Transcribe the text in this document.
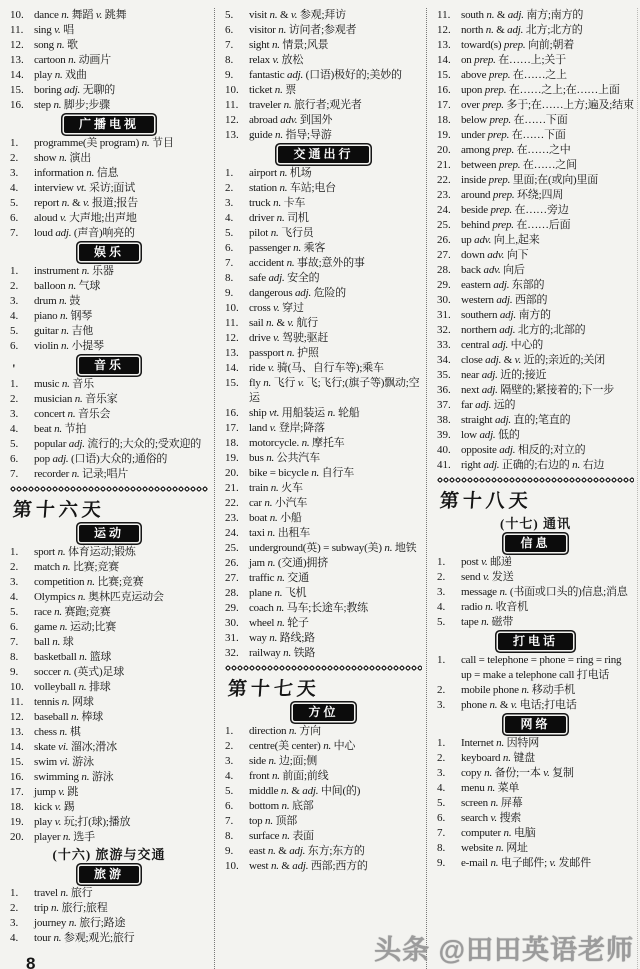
10. dance n. 舞蹈 v. 跳舞
11. sing v. 唱
12. song n. 歌
13. cartoon n. 动画片
14. play n. 戏曲
15. boring adj. 无聊的
16. step n. 脚步;步骤
广播电视
1. programme(美 program) n. 节目
2. show n. 演出
3. information n. 信息
4. interview vt. 采访;面试
5. report n. & v. 报道;报告
6. aloud v. 大声地;出声地
7. loud adj. (声音)响亮的
娱乐
1. instrument n. 乐器
2. balloon n. 气球
3. drum n. 鼓
4. piano n. 钢琴
5. guitar n. 吉他
6. violin n. 小提琴
'	音乐
1. music n. 音乐
2. musician n. 音乐家
3. concert n. 音乐会
4. beat n. 节拍
5. popular adj. 流行的;大众的;受欢迎的
6. pop adj. (口语)大众的;通俗的
7. recorder n. 记录;唱片
第十六天
运动
1. sport n. 体育运动;锻炼
2. match n. 比赛;竞赛
3. competition n. 比赛;竞赛
4. Olympics n. 奥林匹克运动会
5. race n. 赛跑;竞赛
6. game n. 运动;比赛
7. ball n. 球
8. basketball n. 篮球
9. soccer n. (英式)足球
10. volleyball n. 排球
11. tennis n. 网球
12. baseball n. 棒球
13. chess n. 棋
14. skate vi. 溜冰;滑冰
15. swim vi. 游泳
16. swimming n. 游泳
17. jump v. 跳
18. kick v. 踢
19. play v. 玩;打(球);播放
20. player n. 选手
(十六) 旅游与交通
旅游
1. travel n. 旅行
2. trip n. 旅行;旅程
3. journey n. 旅行;路途
4. tour n. 参观;观光;旅行
8
5. visit n. & v. 参观;拜访
6. visitor n. 访问者;参观者
7. sight n. 情景;风景
8. relax v. 放松
9. fantastic adj. (口语)极好的;美妙的
10. ticket n. 票
11. traveler n. 旅行者;观光者
12. abroad adv. 到国外
13. guide n. 指导;导游
交通出行
1. airport n. 机场
2. station n. 车站;电台
3. truck n. 卡车
4. driver n. 司机
5. pilot n. 飞行员
6. passenger n. 乘客
7. accident n. 事故;意外的事
8. safe adj. 安全的
9. dangerous adj. 危险的
10. cross v. 穿过
11. sail n. & v. 航行
12. drive v. 驾驶;驱赶
13. passport n. 护照
14. ride v. 骑(马、自行车等);乘车
15. fly n. 飞行 v. 飞;飞行;(旗子等)飘动;空运
16. ship vt. 用船装运 n. 轮船
17. land v. 登岸;降落
18. motorcycle. n. 摩托车
19. bus n. 公共汽车
20. bike = bicycle n. 自行车
21. train n. 火车
22. car n. 小汽车
23. boat n. 小船
24. taxi n. 出租车
25. underground(英) = subway(美) n. 地铁
26. jam n. (交通)拥挤
27. traffic n. 交通
28. plane n. 飞机
29. coach n. 马车;长途车;教练
30. wheel n. 轮子
31. way n. 路线;路
32. railway n. 铁路
第十七天
方位
1. direction n. 方向
2. centre(美 center) n. 中心
3. side n. 边;面;侧
4. front n. 前面;前线
5. middle n. & adj. 中间(的)
6. bottom n. 底部
7. top n. 顶部
8. surface n. 表面
9. east n. & adj. 东方;东方的
10. west n. & adj. 西部;西方的
11. south n. & adj. 南方;南方的
12. north n. & adj. 北方;北方的
13. toward(s) prep. 向前;朝着
14. on prep. 在……上;关于
15. above prep. 在……之上
16. upon prep. 在……之上;在……上面
17. over prep. 多于;在……上方;遍及;结束
18. below prep. 在……下面
19. under prep. 在……下面
20. among prep. 在……之中
21. between prep. 在……之间
22. inside prep. 里面;在(或向)里面
23. around prep. 环绕;四周
24. beside prep. 在……旁边
25. behind prep. 在……后面
26. up adv. 向上,起来
27. down adv. 向下
28. back adv. 向后
29. eastern adj. 东部的
30. western adj. 西部的
31. southern adj. 南方的
32. northern adj. 北方的;北部的
33. central adj. 中心的
34. close adj. & v. 近的;亲近的;关闭
35. near adj. 近的;接近
36. next adj. 隔壁的;紧接着的;下一步
37. far adj. 远的
38. straight adj. 直的;笔直的
39. low adj. 低的
40. opposite adj. 相反的;对立的
41. right adj. 正确的;右边的 n. 右边
第十八天
(十七) 通讯
信息
1. post v. 邮递
2. send v. 发送
3. message n. (书面或口头的)信息;消息
4. radio n. 收音机
5. tape n. 磁带
打电话
1. call = telephone = phone = ring = ring up = make a telephone call 打电话
2. mobile phone n. 移动手机
3. phone n. & v. 电话;打电话
网络
1. Internet n. 因特网
2. keyboard n. 键盘
3. copy n. 备份;一本 v. 复制
4. menu n. 菜单
5. screen n. 屏幕
6. search v. 搜索
7. computer n. 电脑
8. website n. 网址
9. e-mail n. 电子邮件; v. 发邮件
头条 @田田英语老师
